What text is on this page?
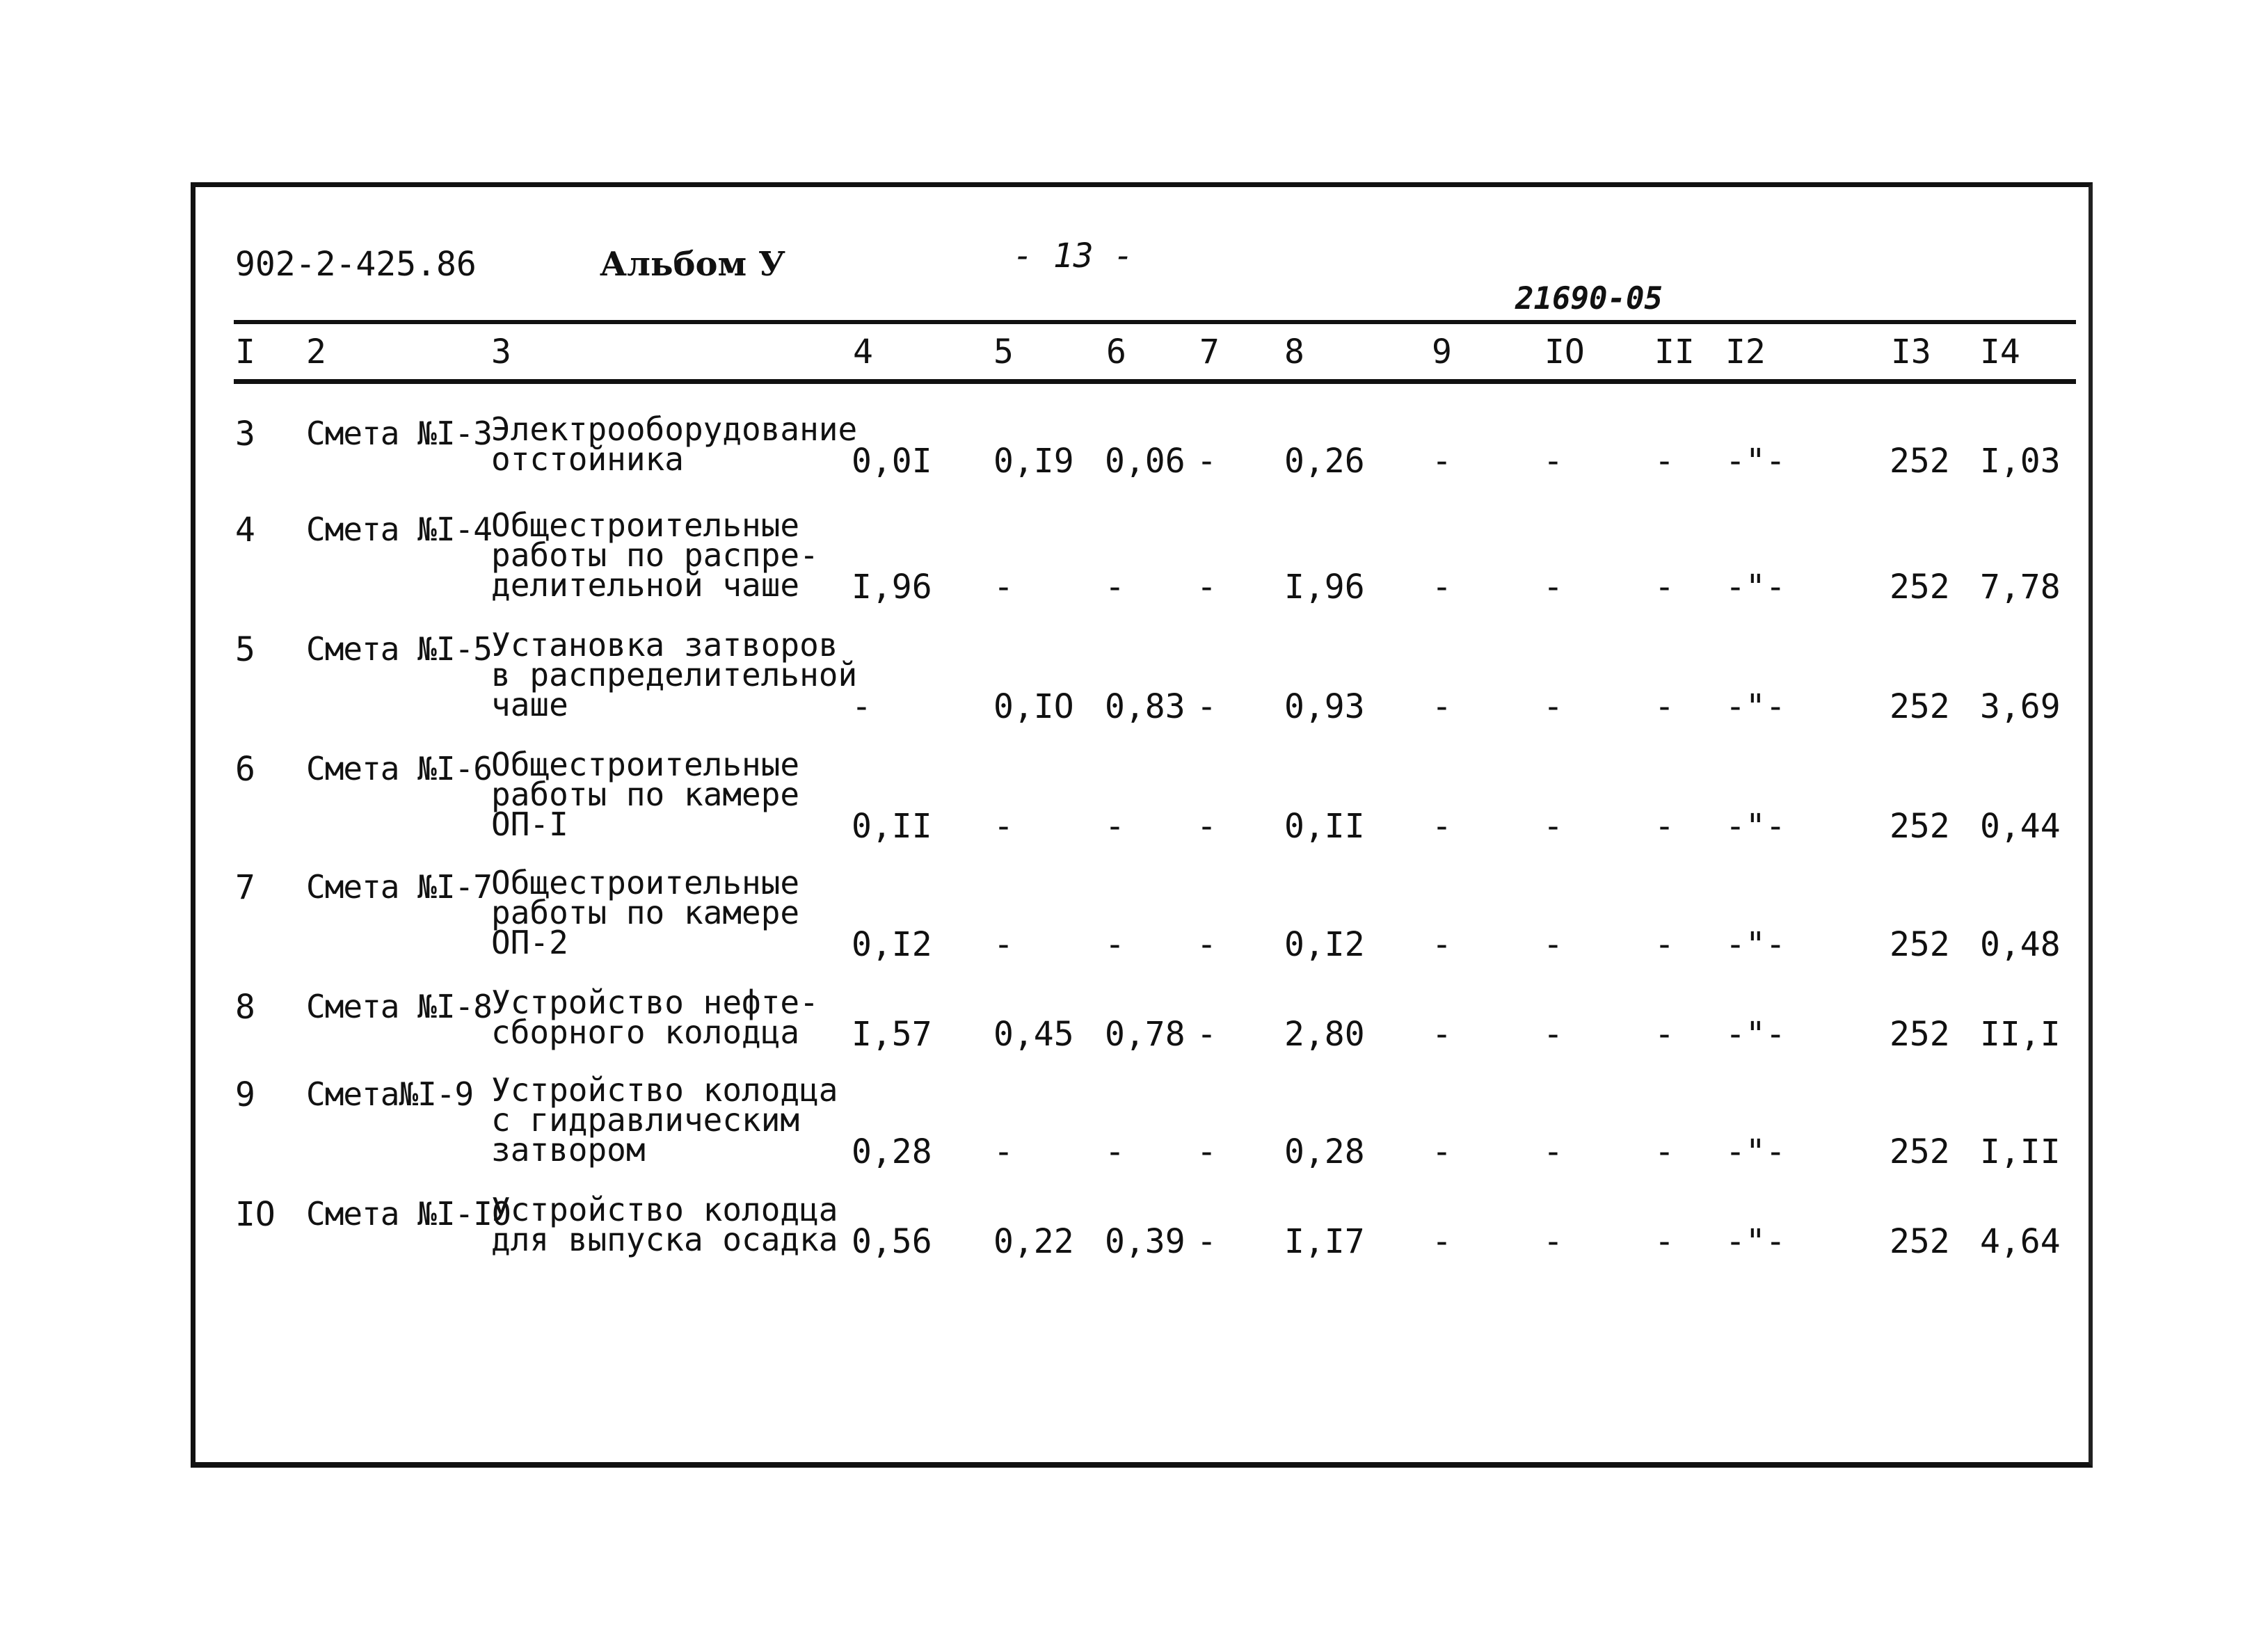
902-2-425.86	Альбом У	- 13 -
21690-05
I 2	3	4	5	6 7 8	9	IO II I2	I3 I4
3 Смета №I-3 Электрооборудование
отстойника	0,0I 0,I9 0,06 - 0,26 -	-	- -"-	252 I,03
4 Смета №I-4 Общестроительные
работы по распре-
делительной чаше I,96 -	- - I,96 -	-	- -"-	252 7,78
5 Смета №I-5 Установка затворов
в распределительной
чаше	-	0,IO 0,83 - 0,93 -	-	- -"-	252 3,69
6 Смета №I-6 Общестроительные
работы по камере
ОП-I	0,II -	- - 0,II -	-	- -"-	252 0,44
7 Смета №I-7 Общестроительные
работы по камере
ОП-2	0,I2 -	- - 0,I2 -	-	- -"-	252 0,48
8 Смета №I-8 Устройство нефте-
сборного колодца I,57 0,45 0,78 - 2,80 -	-	- -"-	252 II,I
9 Смета№I-9 Устройство колодца
с гидравлическим
затвором	0,28 -	- - 0,28 -	-	- -"-	252 I,II
IO Смета №I-IO
Устройство колодца
для выпуска осадка 0,56 0,22 0,39 - I,I7 -	-	- -"-	252 4,64
